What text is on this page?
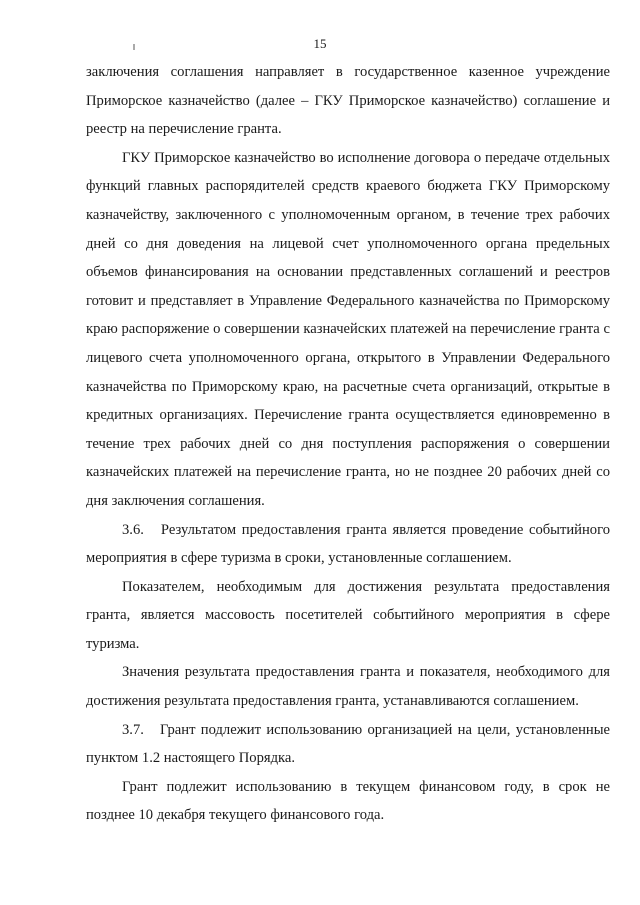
15

заключения соглашения направляет в государственное казенное учреждение Приморское казначейство (далее – ГКУ Приморское казначейство) соглашение и реестр на перечисление гранта.

ГКУ Приморское казначейство во исполнение договора о передаче отдельных функций главных распорядителей средств краевого бюджета ГКУ Приморскому казначейству, заключенного с уполномоченным органом, в течение трех рабочих дней со дня доведения на лицевой счет уполномоченного органа предельных объемов финансирования на основании представленных соглашений и реестров готовит и представляет в Управление Федерального казначейства по Приморскому краю распоряжение о совершении казначейских платежей на перечисление гранта с лицевого счета уполномоченного органа, открытого в Управлении Федерального казначейства по Приморскому краю, на расчетные счета организаций, открытые в кредитных организациях. Перечисление гранта осуществляется единовременно в течение трех рабочих дней со дня поступления распоряжения о совершении казначейских платежей на перечисление гранта, но не позднее 20 рабочих дней со дня заключения соглашения.

3.6.   Результатом предоставления гранта является проведение событийного мероприятия в сфере туризма в сроки, установленные соглашением.

Показателем, необходимым для достижения результата предоставления гранта, является массовость посетителей событийного мероприятия в сфере туризма.

Значения результата предоставления гранта и показателя, необходимого для достижения результата предоставления гранта, устанавливаются соглашением.

3.7.   Грант подлежит использованию организацией на цели, установленные пунктом 1.2 настоящего Порядка.

Грант подлежит использованию в текущем финансовом году, в срок не позднее 10 декабря текущего финансового года.
